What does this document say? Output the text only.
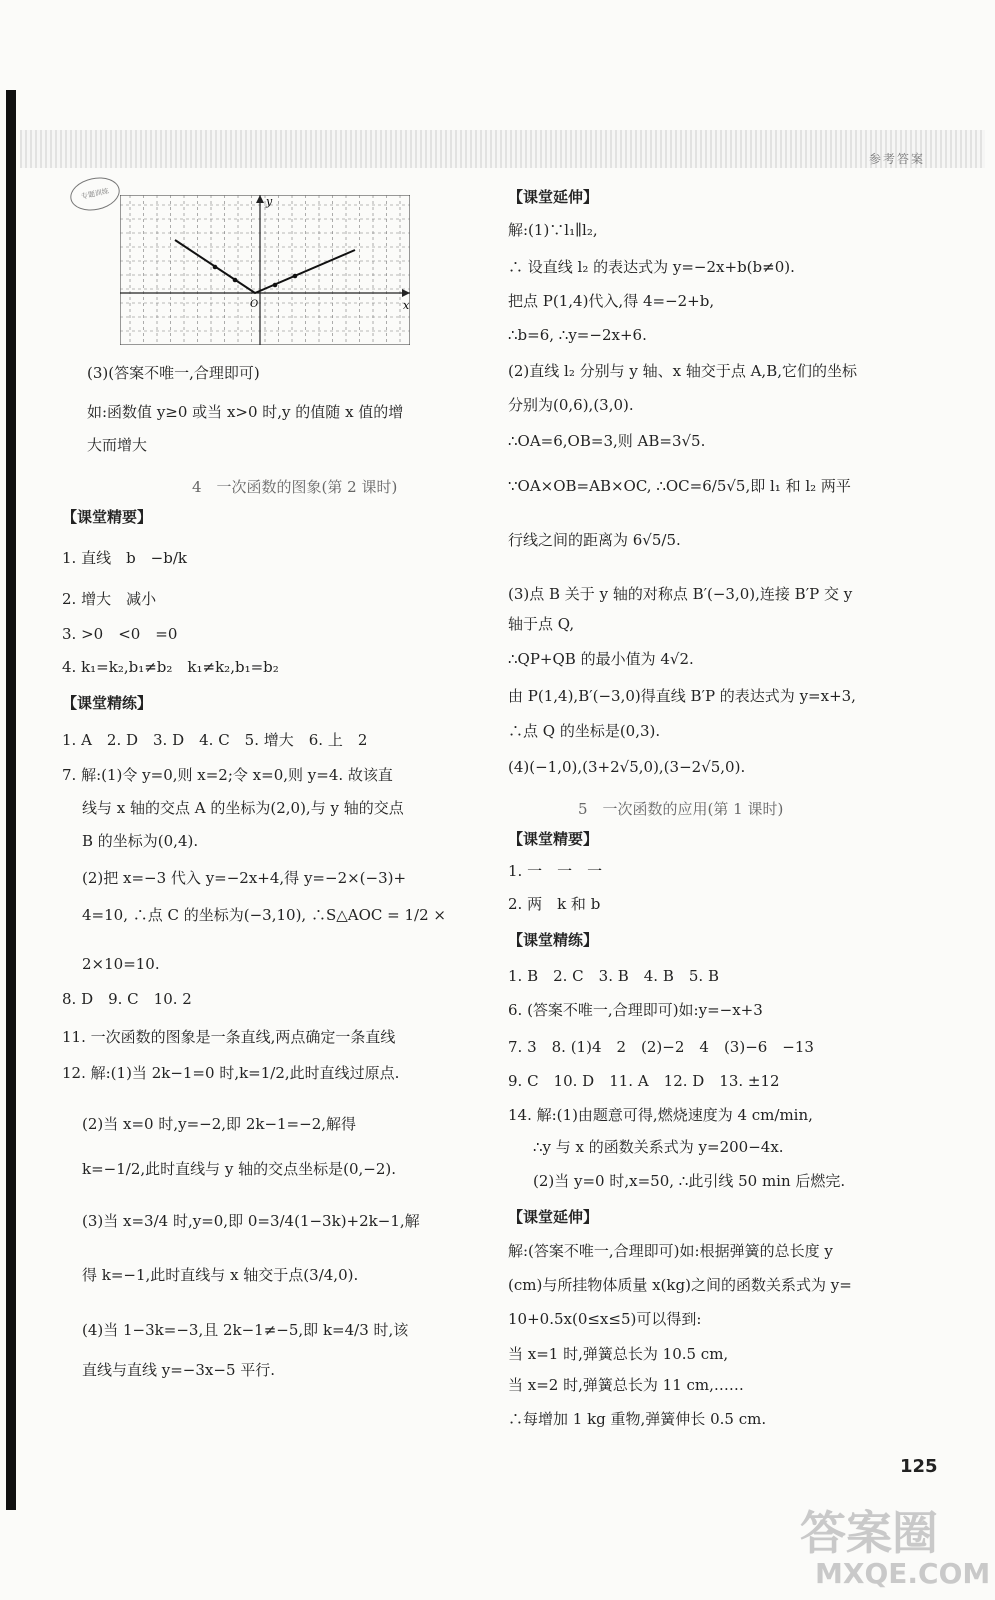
参考答案
专题训练
x
y
O
(3)(答案不唯一,合理即可)
如:函数值 y≥0 或当 x>0 时,y 的值随 x 值的增
大而增大
4　一次函数的图象(第 2 课时)
【课堂精要】
1. 直线　b　−b/k
2. 增大　减小
3. >0　<0　=0
4. k₁=k₂,b₁≠b₂　k₁≠k₂,b₁=b₂
【课堂精练】
1. A　2. D　3. D　4. C　5. 增大　6. 上　2
7. 解:(1)令 y=0,则 x=2;令 x=0,则 y=4. 故该直
线与 x 轴的交点 A 的坐标为(2,0),与 y 轴的交点
B 的坐标为(0,4).
(2)把 x=−3 代入 y=−2x+4,得 y=−2×(−3)+
4=10, ∴点 C 的坐标为(−3,10), ∴S△AOC = 1/2 ×
2×10=10.
8. D　9. C　10. 2
11. 一次函数的图象是一条直线,两点确定一条直线
12. 解:(1)当 2k−1=0 时,k=1/2,此时直线过原点.
(2)当 x=0 时,y=−2,即 2k−1=−2,解得
k=−1/2,此时直线与 y 轴的交点坐标是(0,−2).
(3)当 x=3/4 时,y=0,即 0=3/4(1−3k)+2k−1,解
得 k=−1,此时直线与 x 轴交于点(3/4,0).
(4)当 1−3k=−3,且 2k−1≠−5,即 k=4/3 时,该
直线与直线 y=−3x−5 平行.
【课堂延伸】
解:(1)∵l₁∥l₂,
∴ 设直线 l₂ 的表达式为 y=−2x+b(b≠0).
把点 P(1,4)代入,得 4=−2+b,
∴b=6, ∴y=−2x+6.
(2)直线 l₂ 分别与 y 轴、x 轴交于点 A,B,它们的坐标
分别为(0,6),(3,0).
∴OA=6,OB=3,则 AB=3√5.
∵OA×OB=AB×OC, ∴OC=6/5√5,即 l₁ 和 l₂ 两平
行线之间的距离为 6√5/5.
(3)点 B 关于 y 轴的对称点 B′(−3,0),连接 B′P 交 y
轴于点 Q,
∴QP+QB 的最小值为 4√2.
由 P(1,4),B′(−3,0)得直线 B′P 的表达式为 y=x+3,
∴点 Q 的坐标是(0,3).
(4)(−1,0),(3+2√5,0),(3−2√5,0).
5　一次函数的应用(第 1 课时)
【课堂精要】
1. 一　一　一
2. 两　k 和 b
【课堂精练】
1. B　2. C　3. B　4. B　5. B
6. (答案不唯一,合理即可)如:y=−x+3
7. 3　8. (1)4　2　(2)−2　4　(3)−6　−13
9. C　10. D　11. A　12. D　13. ±12
14. 解:(1)由题意可得,燃烧速度为 4 cm/min,
∴y 与 x 的函数关系式为 y=200−4x.
(2)当 y=0 时,x=50, ∴此引线 50 min 后燃完.
【课堂延伸】
解:(答案不唯一,合理即可)如:根据弹簧的总长度 y
(cm)与所挂物体质量 x(kg)之间的函数关系式为 y=
10+0.5x(0≤x≤5)可以得到:
当 x=1 时,弹簧总长为 10.5 cm,
当 x=2 时,弹簧总长为 11 cm,……
∴每增加 1 kg 重物,弹簧伸长 0.5 cm.
125
答案圈
MXQE.COM
